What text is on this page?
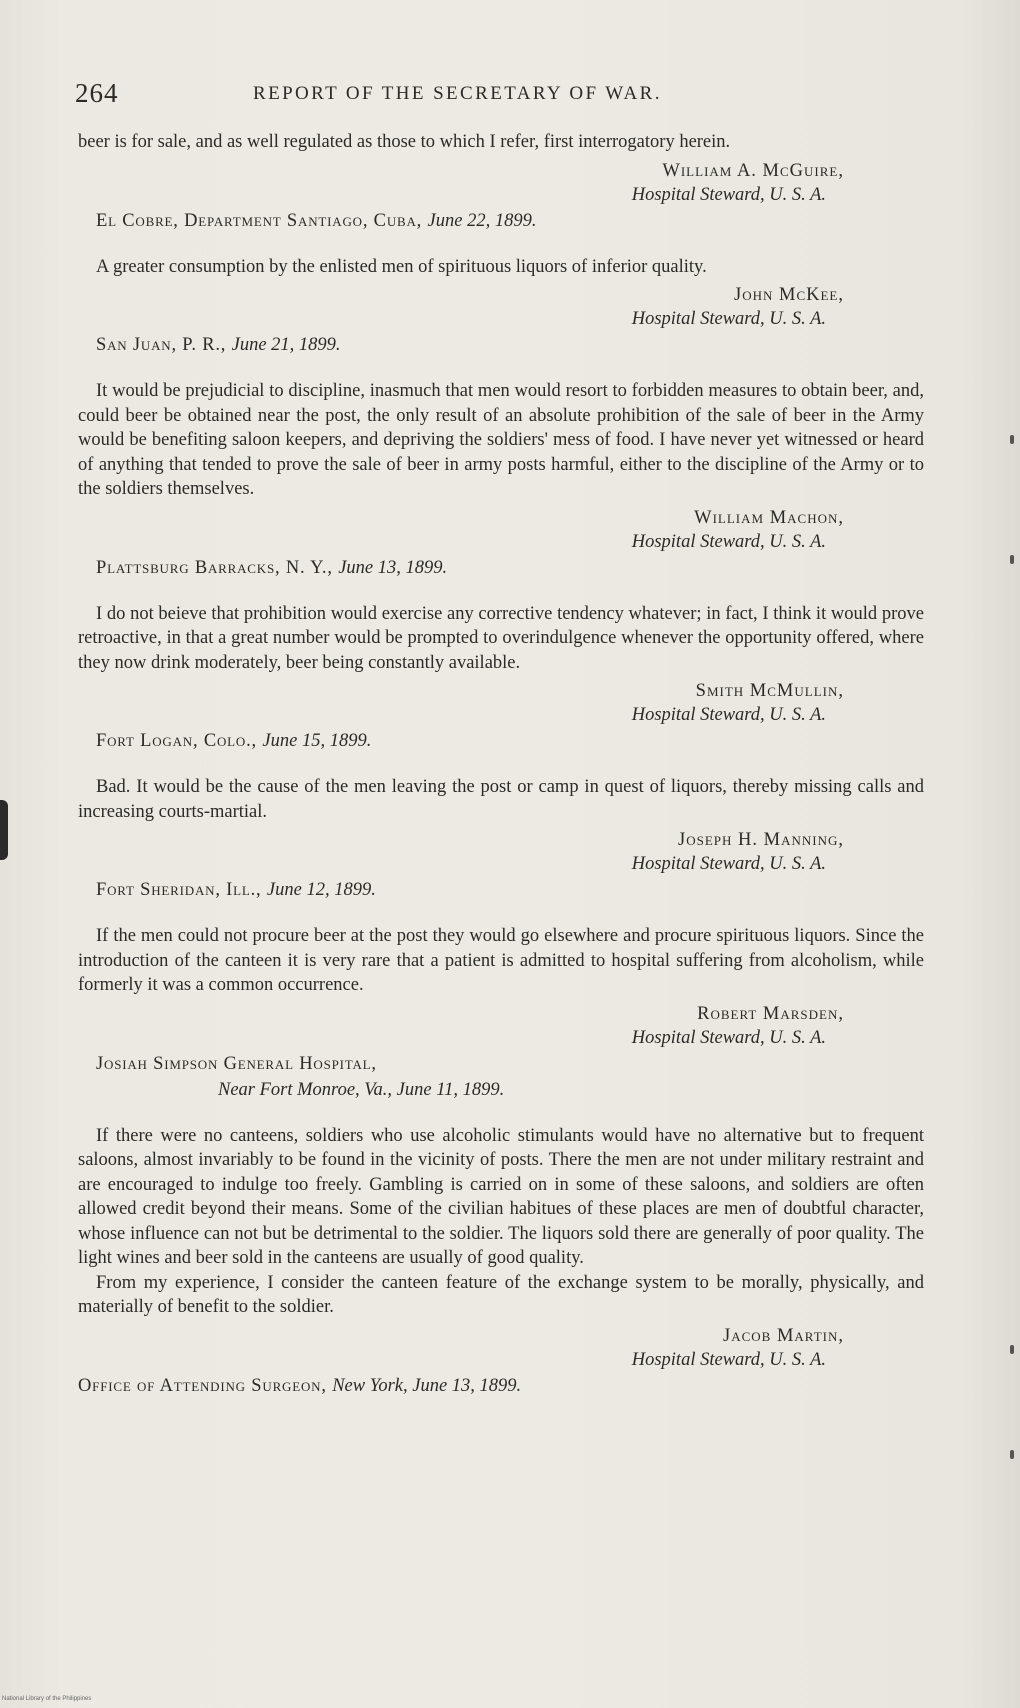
264	REPORT OF THE SECRETARY OF WAR.

beer is for sale, and as well regulated as those to which I refer, first interrogatory herein.

William A. McGuire,
Hospital Steward, U. S. A.
El Cobre, Department Santiago, Cuba, June 22, 1899.

A greater consumption by the enlisted men of spirituous liquors of inferior quality.

John McKee,
Hospital Steward, U. S. A.
San Juan, P. R., June 21, 1899.

It would be prejudicial to discipline, inasmuch that men would resort to forbidden measures to obtain beer, and, could beer be obtained near the post, the only result of an absolute prohibition of the sale of beer in the Army would be benefiting saloon keepers, and depriving the soldiers' mess of food. I have never yet witnessed or heard of anything that tended to prove the sale of beer in army posts harmful, either to the discipline of the Army or to the soldiers themselves.

William Machon,
Hospital Steward, U. S. A.
Plattsburg Barracks, N. Y., June 13, 1899.

I do not beieve that prohibition would exercise any corrective tendency whatever; in fact, I think it would prove retroactive, in that a great number would be prompted to overindulgence whenever the opportunity offered, where they now drink moderately, beer being constantly available.

Smith McMullin,
Hospital Steward, U. S. A.
Fort Logan, Colo., June 15, 1899.

Bad. It would be the cause of the men leaving the post or camp in quest of liquors, thereby missing calls and increasing courts-martial.

Joseph H. Manning,
Hospital Steward, U. S. A.
Fort Sheridan, Ill., June 12, 1899.

If the men could not procure beer at the post they would go elsewhere and procure spirituous liquors. Since the introduction of the canteen it is very rare that a patient is admitted to hospital suffering from alcoholism, while formerly it was a common occurrence.

Robert Marsden,
Hospital Steward, U. S. A.
Josiah Simpson General Hospital,
Near Fort Monroe, Va., June 11, 1899.

If there were no canteens, soldiers who use alcoholic stimulants would have no alternative but to frequent saloons, almost invariably to be found in the vicinity of posts. There the men are not under military restraint and are encouraged to indulge too freely. Gambling is carried on in some of these saloons, and soldiers are often allowed credit beyond their means. Some of the civilian habitues of these places are men of doubtful character, whose influence can not but be detrimental to the soldier. The liquors sold there are generally of poor quality. The light wines and beer sold in the canteens are usually of good quality.

From my experience, I consider the canteen feature of the exchange system to be morally, physically, and materially of benefit to the soldier.

Jacob Martin,
Hospital Steward, U. S. A.
Office of Attending Surgeon, New York, June 13, 1899.
National Library of the Philippines
